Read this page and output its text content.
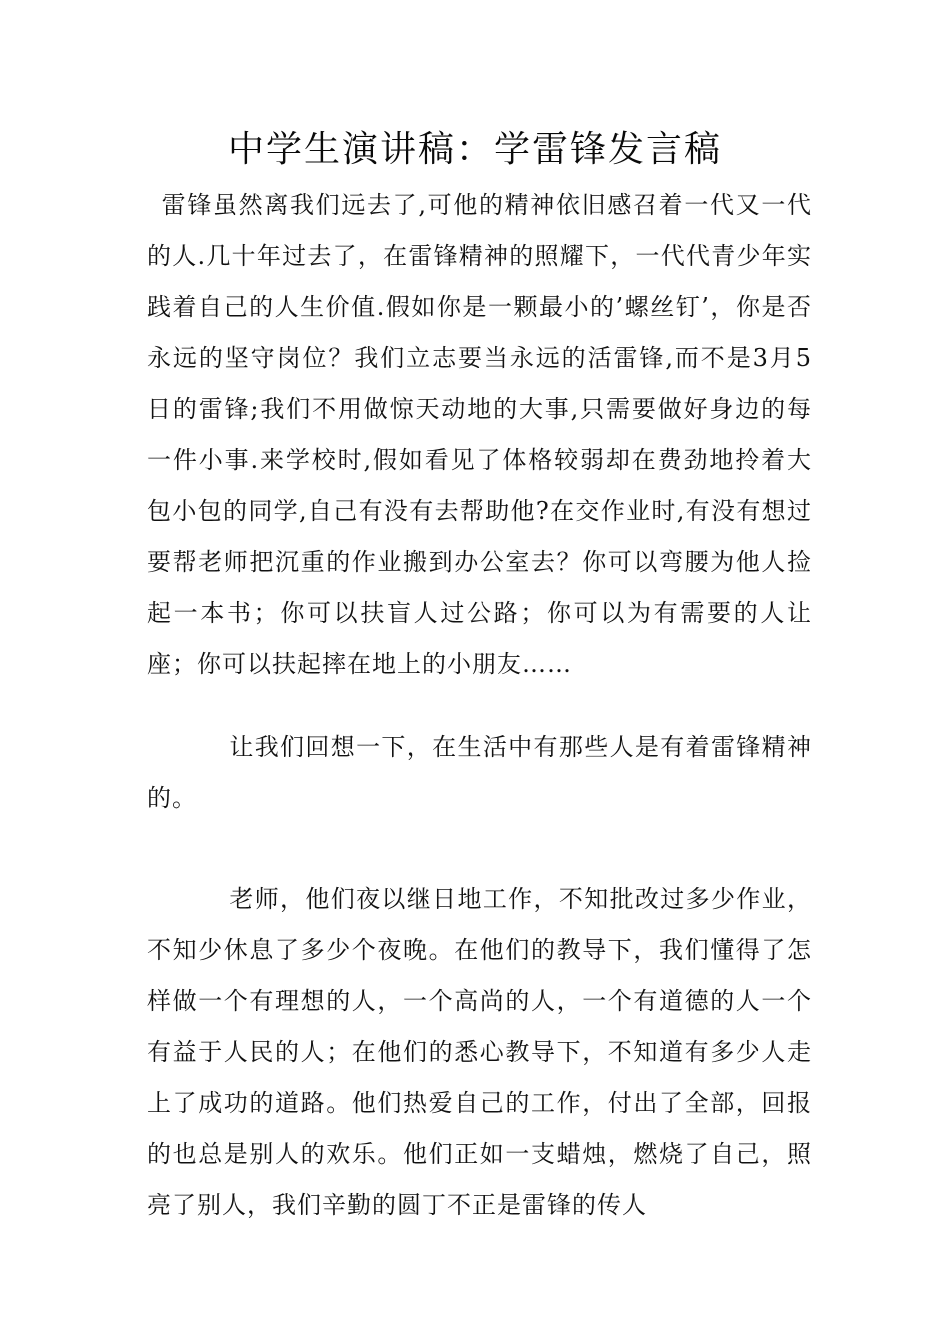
中学生演讲稿：学雷锋发言稿

雷锋虽然离我们远去了,可他的精神依旧感召着一代又一代的人.几十年过去了，在雷锋精神的照耀下，一代代青少年实践着自己的人生价值.假如你是一颗最小的’螺丝钉’，你是否永远的坚守岗位？我们立志要当永远的活雷锋,而不是3月5日的雷锋;我们不用做惊天动地的大事,只需要做好身边的每一件小事.来学校时,假如看见了体格较弱却在费劲地拎着大包小包的同学,自己有没有去帮助他?在交作业时,有没有想过要帮老师把沉重的作业搬到办公室去？你可以弯腰为他人捡起一本书；你可以扶盲人过公路；你可以为有需要的人让座；你可以扶起摔在地上的小朋友……

让我们回想一下，在生活中有那些人是有着雷锋精神的。

老师，他们夜以继日地工作，不知批改过多少作业，不知少休息了多少个夜晚。在他们的教导下，我们懂得了怎样做一个有理想的人，一个高尚的人，一个有道德的人一个有益于人民的人；在他们的悉心教导下，不知道有多少人走上了成功的道路。他们热爱自己的工作，付出了全部，回报的也总是别人的欢乐。他们正如一支蜡烛，燃烧了自己，照亮了别人，我们辛勤的圆丁不正是雷锋的传人
